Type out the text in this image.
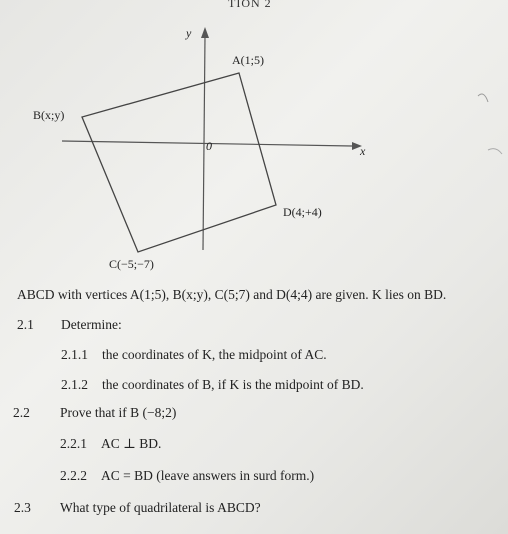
TION 2
y
x
0
A(1;5)
B(x;y)
C(−5;−7)
D(4;+4)
ABCD with vertices A(1;5), B(x;y), C(5;7) and D(4;4) are given. K lies on BD.
2.1 Determine:
2.1.1 the coordinates of K, the midpoint of AC.
2.1.2 the coordinates of B, if K is the midpoint of BD.
2.2 Prove that if B (−8;2)
2.2.1 AC ⊥ BD.
2.2.2 AC = BD (leave answers in surd form.)
2.3 What type of quadrilateral is ABCD?
